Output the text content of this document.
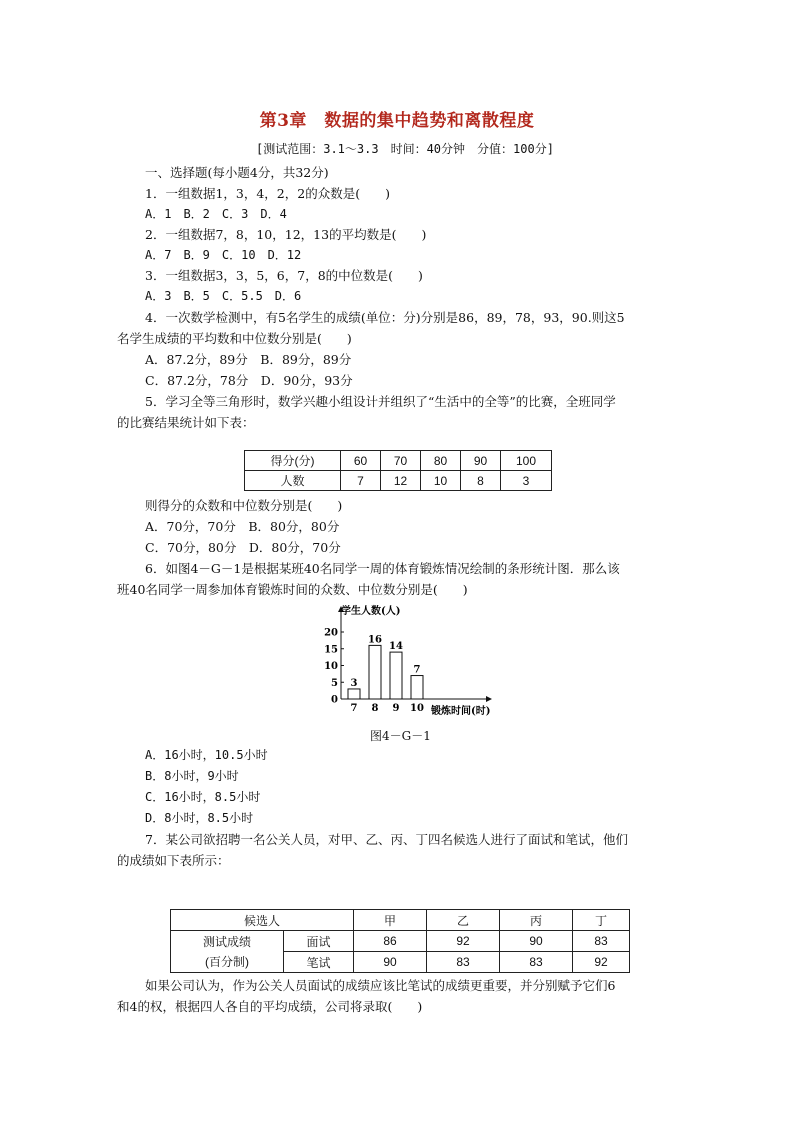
第3章　数据的集中趋势和离散程度
[测试范围：3.1～3.3　时间：40分钟　分值：100分]
一、选择题(每小题4分，共32分)
1．一组数据1，3，4，2，2的众数是(　　)
A．1　B．2　C．3　D．4
2．一组数据7，8，10，12，13的平均数是(　　)
A．7　B．9　C．10　D．12
3．一组数据3，3，5，6，7，8的中位数是(　　)
A．3　B．5　C．5.5　D．6
4．一次数学检测中，有5名学生的成绩(单位：分)分别是86，89，78，93，90.则这5
名学生成绩的平均数和中位数分别是(　　)
A．87.2分，89分　B．89分，89分
C．87.2分，78分　D．90分，93分
5．学习全等三角形时，数学兴趣小组设计并组织了“生活中的全等”的比赛，全班同学
的比赛结果统计如下表：
得分(分)	60	70	80	90	100
人数	7	12	10	8	3
则得分的众数和中位数分别是(　　)
A．70分，70分　B．80分，80分
C．70分，80分　D．80分，70分
6．如图4－G－1是根据某班40名同学一周的体育锻炼情况绘制的条形统计图．那么该
班40名同学一周参加体育锻炼时间的众数、中位数分别是(　　)
学生人数(人)
锻炼时间(时)
0
5
10
15
20
3
7
16
8
14
9
7
10
图4－G－1
A．16小时，10.5小时
B．8小时，9小时
C．16小时，8.5小时
D．8小时，8.5小时
7．某公司欲招聘一名公关人员，对甲、乙、丙、丁四名候选人进行了面试和笔试，他们
的成绩如下表所示：
候选人		甲	乙	丙	丁

测试成绩
(百分制)	面试	86	92	90	83
	笔试	90	83	83	92
如果公司认为，作为公关人员面试的成绩应该比笔试的成绩更重要，并分别赋予它们6
和4的权，根据四人各自的平均成绩，公司将录取(　　)
